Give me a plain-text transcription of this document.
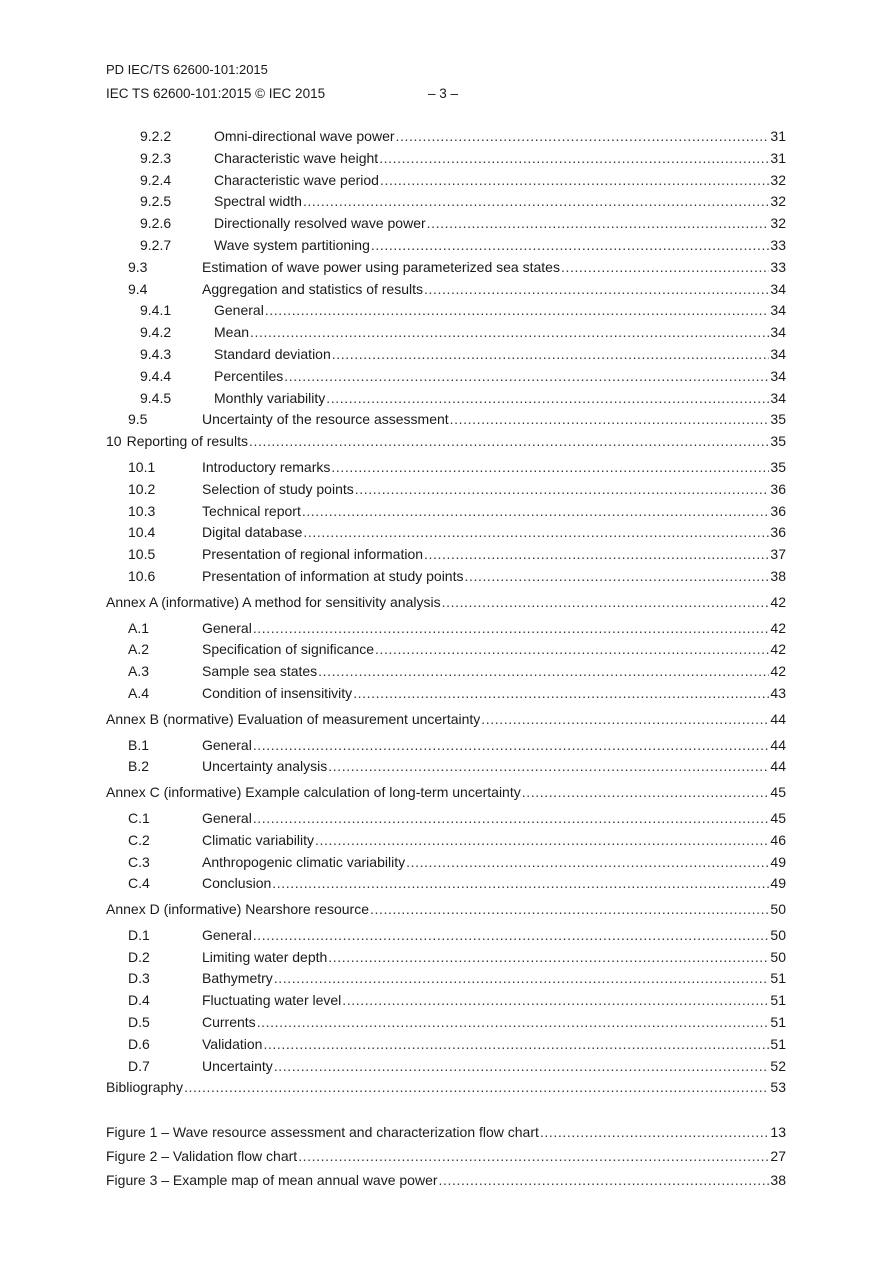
PD IEC/TS 62600-101:2015
IEC TS 62600-101:2015 © IEC 2015	– 3 –
9.2.2	Omni-directional wave power .....	31
9.2.3	Characteristic wave height .....	31
9.2.4	Characteristic wave period .....	32
9.2.5	Spectral width .....	32
9.2.6	Directionally resolved wave power .....	32
9.2.7	Wave system partitioning .....	33
9.3	Estimation of wave power using parameterized sea states .....	33
9.4	Aggregation and statistics of results .....	34
9.4.1	General .....	34
9.4.2	Mean .....	34
9.4.3	Standard deviation .....	34
9.4.4	Percentiles .....	34
9.4.5	Monthly variability .....	34
9.5	Uncertainty of the resource assessment .....	35
10 Reporting of results .....	35
10.1	Introductory remarks .....	35
10.2	Selection of study points .....	36
10.3	Technical report .....	36
10.4	Digital database .....	36
10.5	Presentation of regional information .....	37
10.6	Presentation of information at study points .....	38
Annex A (informative) A method for sensitivity analysis .....	42
A.1	General .....	42
A.2	Specification of significance .....	42
A.3	Sample sea states .....	42
A.4	Condition of insensitivity .....	43
Annex B (normative) Evaluation of measurement uncertainty .....	44
B.1	General .....	44
B.2	Uncertainty analysis .....	44
Annex C (informative) Example calculation of long-term uncertainty .....	45
C.1	General .....	45
C.2	Climatic variability .....	46
C.3	Anthropogenic climatic variability .....	49
C.4	Conclusion .....	49
Annex D (informative) Nearshore resource .....	50
D.1	General .....	50
D.2	Limiting water depth .....	50
D.3	Bathymetry .....	51
D.4	Fluctuating water level .....	51
D.5	Currents .....	51
D.6	Validation .....	51
D.7	Uncertainty .....	52
Bibliography .....	53
Figure 1 – Wave resource assessment and characterization flow chart .....	13
Figure 2 – Validation flow chart .....	27
Figure 3 – Example map of mean annual wave power .....	38
